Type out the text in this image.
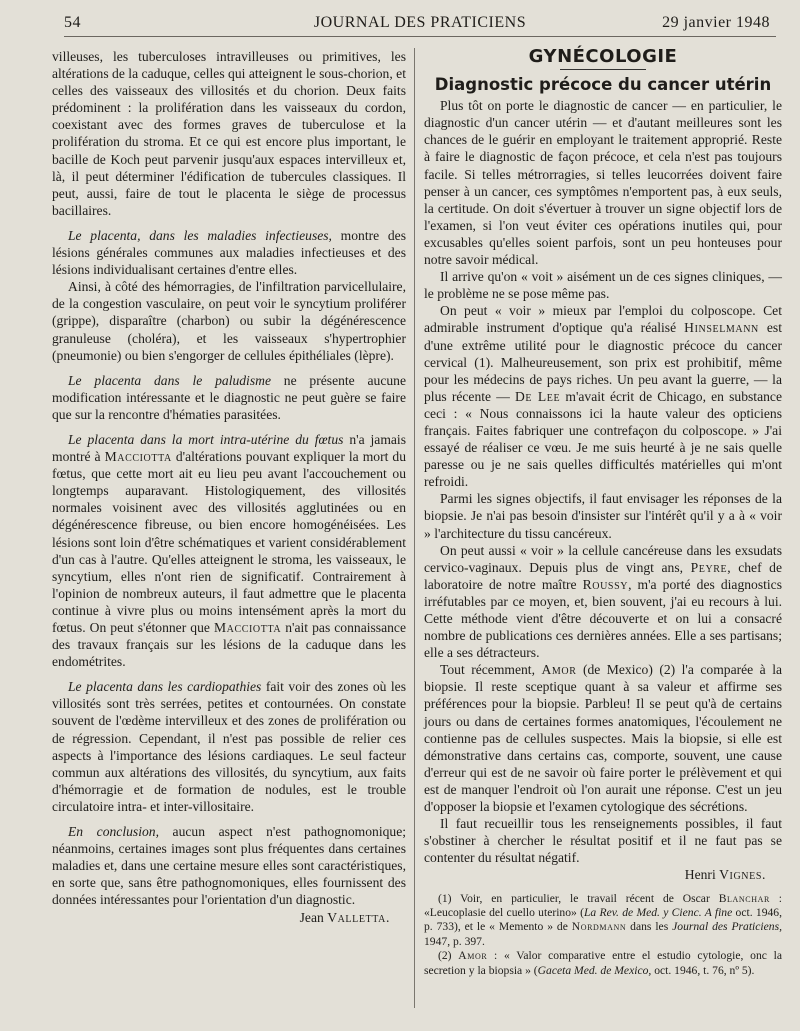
54	JOURNAL DES PRATICIENS	29 janvier 1948

villeuses, les tuberculoses intravilleuses ou primitives, les altérations de la caduque, celles qui atteignent le sous-chorion, et celles des vaisseaux des villosités et du chorion. Deux faits prédominent : la prolifération dans les vaisseaux du cordon, coexistant avec des formes graves de tuberculose et la prolifération du stroma. Et ce qui est encore plus important, le bacille de Koch peut parvenir jusqu'aux espaces intervilleux et, là, il peut déterminer l'édification de tubercules classiques. Il peut, aussi, faire de tout le placenta le siège de processus bacillaires.

Le placenta, dans les maladies infectieuses, montre des lésions générales communes aux maladies infectieuses et des lésions individualisant certaines d'entre elles.

Ainsi, à côté des hémorragies, de l'infiltration parvicellulaire, de la congestion vasculaire, on peut voir le syncytium proliférer (grippe), disparaître (charbon) ou subir la dégénérescence granuleuse (choléra), et les vaisseaux s'hypertrophier (pneumonie) ou bien s'engorger de cellules épithéliales (lèpre).

Le placenta dans le paludisme ne présente aucune modification intéressante et le diagnostic ne peut guère se faire que sur la rencontre d'hématies parasitées.

Le placenta dans la mort intra-utérine du fœtus n'a jamais montré à Macciotta d'altérations pouvant expliquer la mort du fœtus, que cette mort ait eu lieu peu avant l'accouchement ou longtemps auparavant. Histologiquement, des villosités normales voisinent avec des villosités agglutinées ou en dégénérescence fibreuse, ou bien encore homogénéisées. Les lésions sont loin d'être schématiques et varient considérablement d'un cas à l'autre. Qu'elles atteignent le stroma, les vaisseaux, le syncytium, elles n'ont rien de significatif. Contrairement à l'opinion de nombreux auteurs, il faut admettre que le placenta continue à vivre plus ou moins intensément après la mort du fœtus. On peut s'étonner que Macciotta n'ait pas connaissance des travaux français sur les lésions de la caduque dans les endométrites.

Le placenta dans les cardiopathies fait voir des zones où les villosités sont très serrées, petites et contournées. On constate souvent de l'œdème intervilleux et des zones de prolifération ou de régression. Cependant, il n'est pas possible de relier ces aspects à l'importance des lésions cardiaques. Le seul facteur commun aux altérations des villosités, du syncytium, aux faits d'hémorragie et de formation de nodules, est le trouble circulatoire intra- et inter-villositaire.

En conclusion, aucun aspect n'est pathognomonique; néanmoins, certaines images sont plus fréquentes dans certaines maladies et, dans une certaine mesure elles sont caractéristiques, en sorte que, sans être pathognomoniques, elles fournissent des données intéressantes pour l'orientation d'un diagnostic.

Jean Valletta.

GYNÉCOLOGIE
Diagnostic précoce du cancer utérin

Plus tôt on porte le diagnostic de cancer — en particulier, le diagnostic d'un cancer utérin — et d'autant meilleures sont les chances de le guérir en employant le traitement approprié. Reste à faire le diagnostic de façon précoce, et cela n'est pas toujours facile. Si telles métrorragies, si telles leucorrées doivent faire penser à un cancer, ces symptômes n'emportent pas, à eux seuls, la certitude. On doit s'évertuer à trouver un signe objectif lors de l'examen, si l'on veut éviter ces opérations inutiles qui, pour excusables qu'elles soient parfois, sont un peu honteuses pour notre savoir médical.

Il arrive qu'on « voit » aisément un de ces signes cliniques, — le problème ne se pose même pas.

On peut « voir » mieux par l'emploi du colposcope. Cet admirable instrument d'optique qu'a réalisé Hinselmann est d'une extrême utilité pour le diagnostic précoce du cancer cervical (1). Malheureusement, son prix est prohibitif, même pour les médecins de pays riches. Un peu avant la guerre, — la plus récente — De Lee m'avait écrit de Chicago, en substance ceci : « Nous connaissons ici la haute valeur des opticiens français. Faites fabriquer une contrefaçon du colposcope. » J'ai essayé de réaliser ce vœu. Je me suis heurté à je ne sais quelle paresse ou je ne sais quelles difficultés matérielles qui m'ont refroidi.

Parmi les signes objectifs, il faut envisager les réponses de la biopsie. Je n'ai pas besoin d'insister sur l'intérêt qu'il y a à « voir » l'architecture du tissu cancéreux.

On peut aussi « voir » la cellule cancéreuse dans les exsudats cervico-vaginaux. Depuis plus de vingt ans, Peyre, chef de laboratoire de notre maître Roussy, m'a porté des diagnostics irréfutables par ce moyen, et, bien souvent, j'ai eu recours à lui. Cette méthode vient d'être découverte et on lui a consacré nombre de publications ces dernières années. Elle a ses partisans; elle a ses détracteurs.

Tout récemment, Amor (de Mexico) (2) l'a comparée à la biopsie. Il reste sceptique quant à sa valeur et affirme ses préférences pour la biopsie. Parbleu! Il se peut qu'à de certains jours ou dans de certaines formes anatomiques, l'écoulement ne contienne pas de cellules suspectes. Mais la biopsie, si elle est démonstrative dans certains cas, comporte, souvent, une cause d'erreur qui est de ne savoir où faire porter le prélèvement et qui est de manquer l'endroit où l'on aurait une réponse. C'est un jeu d'opposer la biopsie et l'examen cytologique des sécrétions.

Il faut recueillir tous les renseignements possibles, il faut s'obstiner à chercher le résultat positif et il ne faut pas se contenter du résultat négatif.

Henri Vignes.

(1) Voir, en particulier, le travail récent de Oscar Blanchar : «Leucoplasie del cuello uterino» (La Rev. de Med. y Cienc. A fine oct. 1946, p. 733), et le « Memento » de Nordmann dans les Journal des Praticiens, 1947, p. 397.

(2) Amor : « Valor comparative entre el estudio cytologie, onc la secretion y la biopsia » (Gaceta Med. de Mexico, oct. 1946, t. 76, nº 5).
